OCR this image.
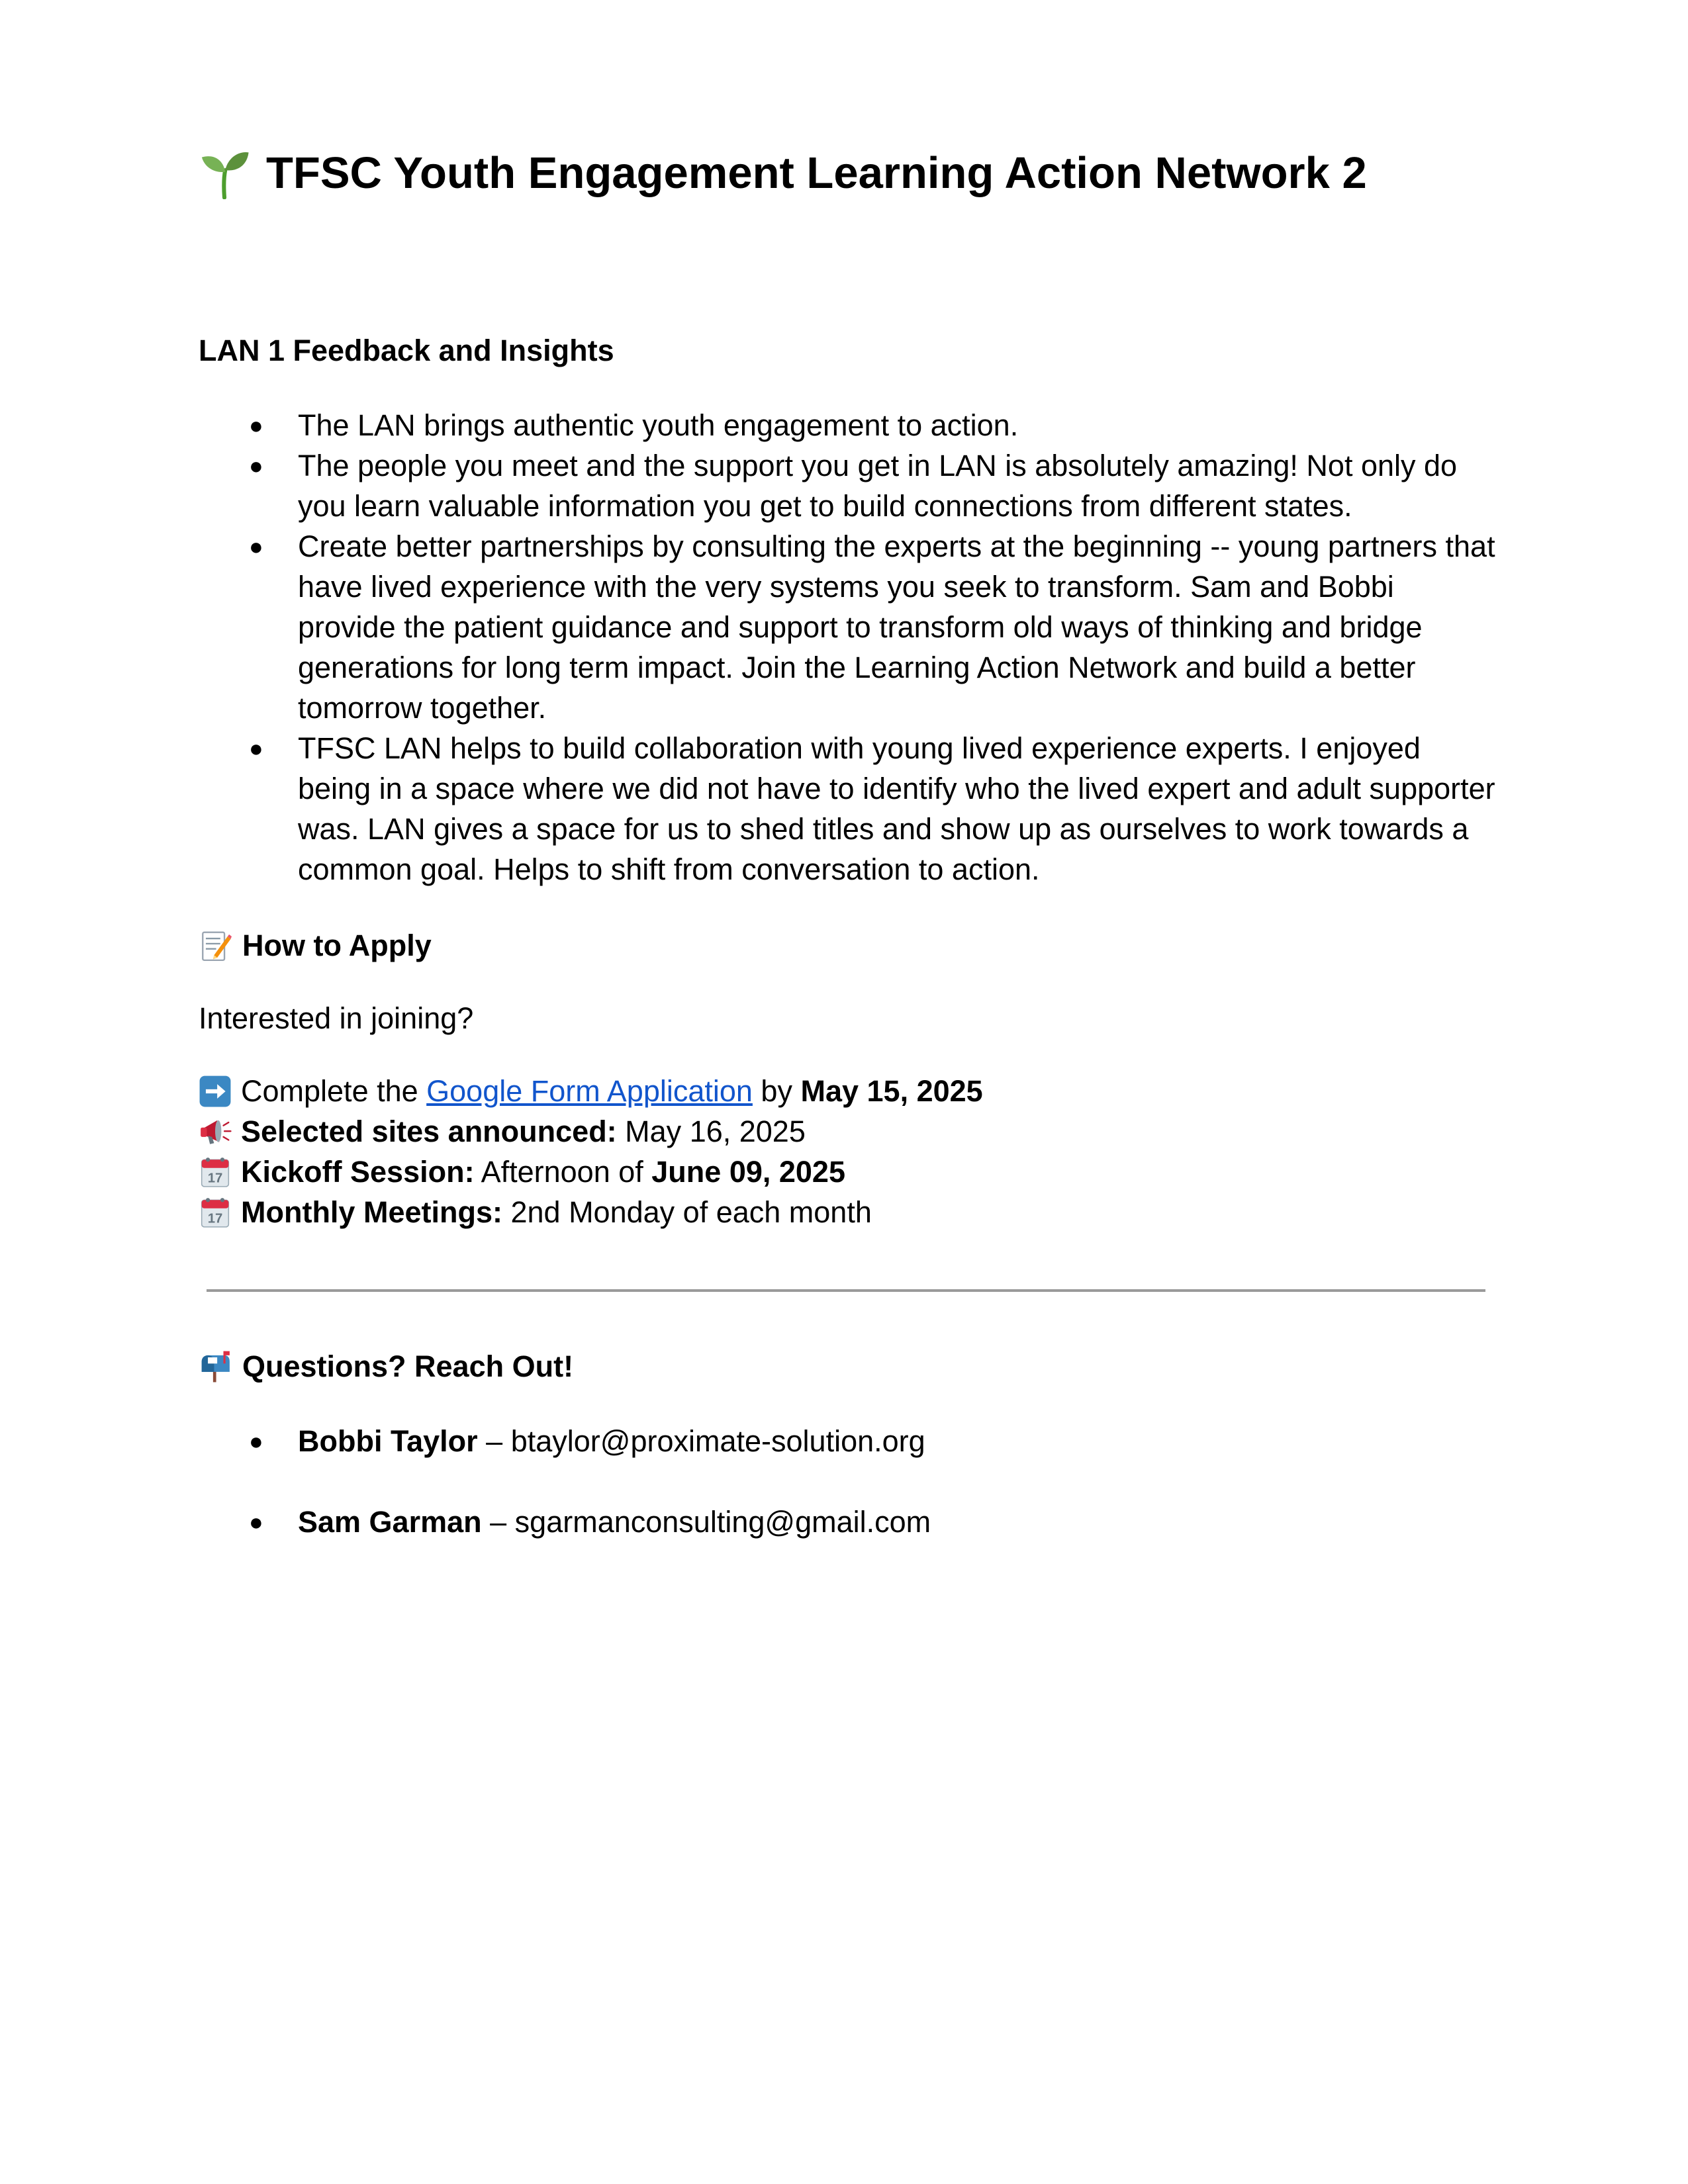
TFSC Youth Engagement Learning Action Network 2
LAN 1 Feedback and Insights
● The LAN brings authentic youth engagement to action.
● The people you meet and the support you get in LAN is absolutely amazing! Not only do you learn valuable information you get to build connections from different states.
● Create better partnerships by consulting the experts at the beginning -- young partners that have lived experience with the very systems you seek to transform. Sam and Bobbi provide the patient guidance and support to transform old ways of thinking and bridge generations for long term impact. Join the Learning Action Network and build a better tomorrow together.
● TFSC LAN helps to build collaboration with young lived experience experts. I enjoyed being in a space where we did not have to identify who the lived expert and adult supporter was. LAN gives a space for us to shed titles and show up as ourselves to work towards a common goal. Helps to shift from conversation to action.
How to Apply
Interested in joining?
Complete the Google Form Application by May 15, 2025
Selected sites announced: May 16, 2025
17 Kickoff Session: Afternoon of June 09, 2025
17 Monthly Meetings: 2nd Monday of each month
Questions? Reach Out!
● Bobbi Taylor – btaylor@proximate-solution.org
● Sam Garman – sgarmanconsulting@gmail.com
